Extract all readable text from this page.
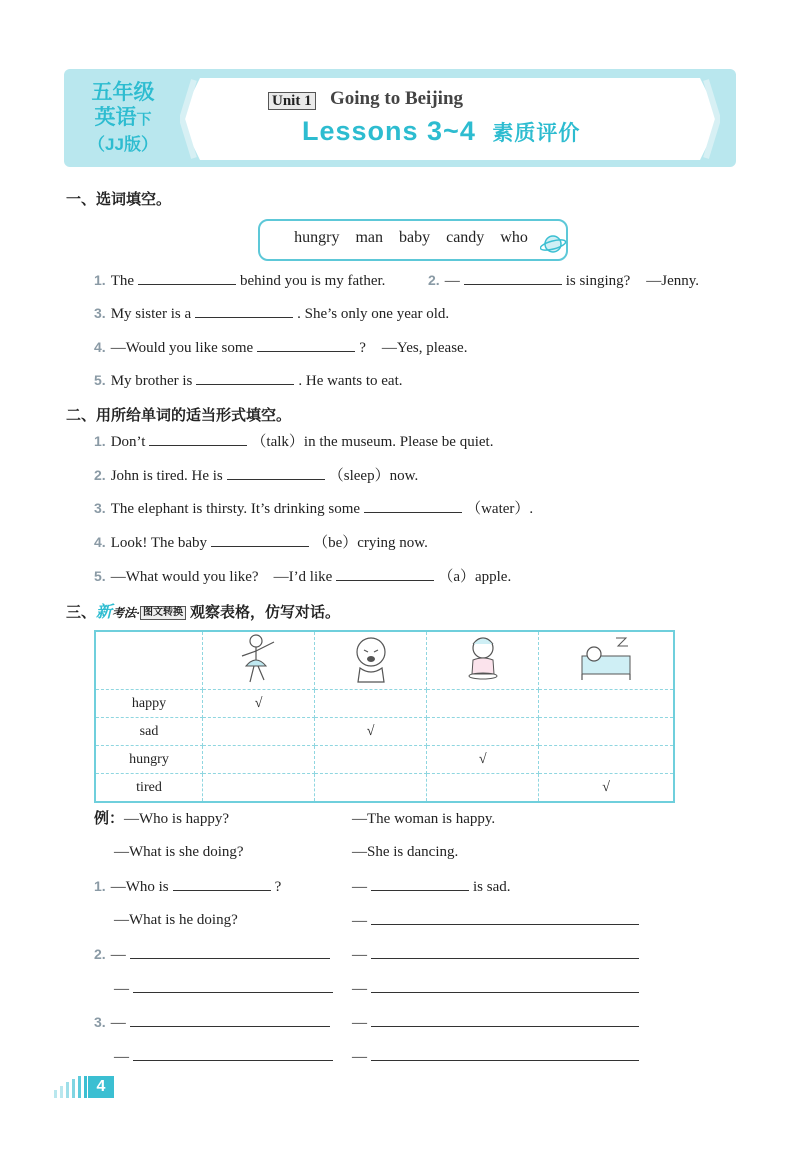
五年级
英语下
（JJ版）
Unit 1 Going to Beijing
Lessons 3~4 素质评价
一、选词填空。
hungry man baby candy who
1. The	behind you is my father.	2. —	is singing? —Jenny.
3. My sister is a	. She’s only one year old.
4. —Would you like some	? —Yes, please.
5. My brother is	. He wants to eat.
二、用所给单词的适当形式填空。
1. Don’t	（talk）in the museum. Please be quiet.
2. John is tired. He is	（sleep）now.
3. The elephant is thirsty. It’s drinking some	（water）.
4. Look! The baby	（be）crying now.
5. —What would you like?　—I’d like	（a）apple.
三、新考法· 图文转换 观察表格，仿写对话。

happy	√			
sad		√		
hungry			√	
tired				√
例：—Who is happy?	—The woman is happy.
—What is she doing?	—She is dancing.
1. —Who is	?	—	is sad.
—What is he doing?	—
2. —	—
—	—
3. —	—
—	—
4
